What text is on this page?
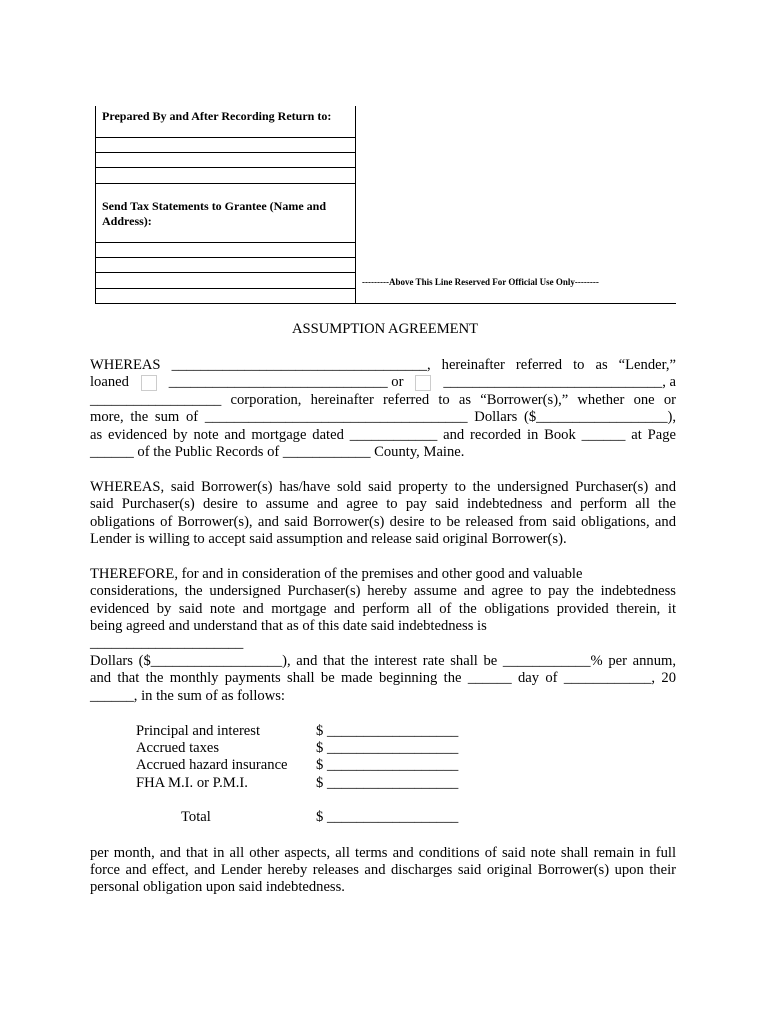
Prepared By and After Recording Return to:
Send Tax Statements to Grantee (Name and
Address):
---------Above This Line Reserved For Official Use Only--------
ASSUMPTION AGREEMENT
WHEREAS ___________________________________, hereinafter referred to as “Lender,”
loaned	______________________________ or	______________________________, a
__________________ corporation, hereinafter referred to as “Borrower(s),” whether one or
more, the sum of ____________________________________ Dollars ($__________________),
as evidenced by note and mortgage dated ____________ and recorded in Book ______ at Page
______ of the Public Records of ____________ County, Maine.
WHEREAS, said Borrower(s) has/have sold said property to the undersigned Purchaser(s) and
said Purchaser(s) desire to assume and agree to pay said indebtedness and perform all the
obligations of Borrower(s), and said Borrower(s) desire to be released from said obligations, and
Lender is willing to accept said assumption and release said original Borrower(s).
THEREFORE, for and in consideration of the premises and other good and valuable
considerations, the undersigned Purchaser(s) hereby assume and agree to pay the indebtedness
evidenced by said note and mortgage and perform all of the obligations provided therein, it
being agreed and understand that as of this date said indebtedness is
_____________________
Dollars ($__________________), and that the interest rate shall be ____________% per annum,
and that the monthly payments shall be made beginning the ______ day of ____________, 20
______, in the sum of as follows:
Principal and interest	$ __________________
Accrued taxes	$ __________________
Accrued hazard insurance $ __________________
FHA M.I. or P.M.I.	$ __________________
Total	$ __________________
per month, and that in all other aspects, all terms and conditions of said note shall remain in full
force and effect, and Lender hereby releases and discharges said original Borrower(s) upon their
personal obligation upon said indebtedness.
